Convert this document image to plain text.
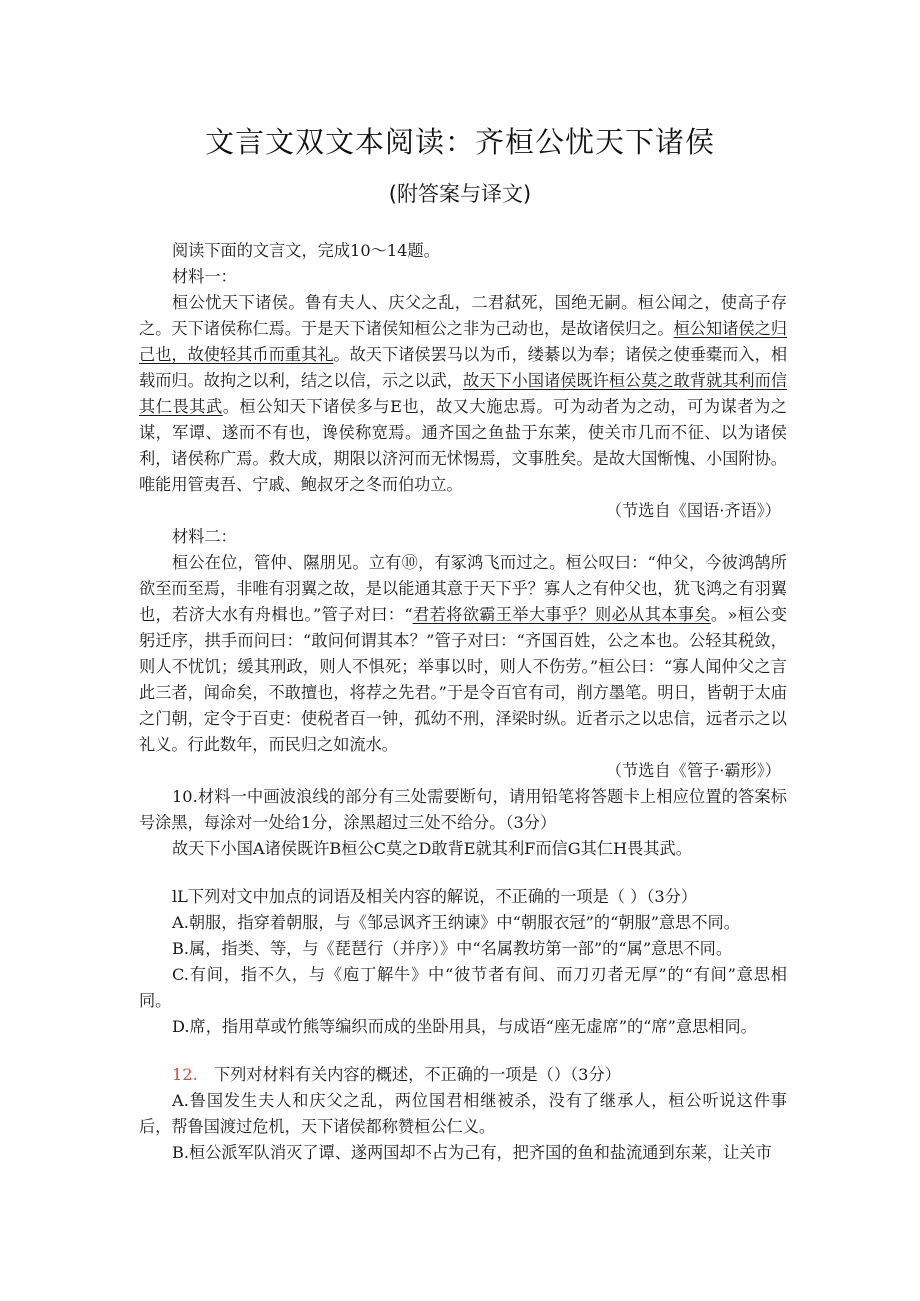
文言文双文本阅读：齐桓公忧天下诸侯
(附答案与译文)

阅读下面的文言文，完成10～14题。

材料一：

桓公忧天下诸侯。鲁有夫人、庆父之乱，二君弑死，国绝无嗣。桓公闻之，使高子存之。天下诸侯称仁焉。于是天下诸侯知桓公之非为己动也，是故诸侯归之。桓公知诸侯之归己也，故使轻其币而重其礼。故天下诸侯罢马以为币，缕綦以为奉；诸侯之使垂橐而入，相载而归。故拘之以利，结之以信，示之以武，故天下小国诸侯既许桓公莫之敢背就其利而信其仁畏其武。桓公知天下诸侯多与E也，故又大施忠焉。可为动者为之动，可为谋者为之谋，军谭、遂而不有也，谗侯称宽焉。通齐国之鱼盐于东莱，使关市几而不征、以为诸侯利，诸侯称广焉。救大成，期限以济河而无怵惕焉，文事胜矣。是故大国惭愧、小国附协。唯能用管夷吾、宁戚、鲍叔牙之冬而伯功立。

（节选自《国语·齐语》）

材料二：

桓公在位，管仲、隰朋见。立有⑩，有冢鸿飞而过之。桓公叹曰：“仲父，今彼鸿鹄所欲至而至焉，非唯有羽翼之故，是以能通其意于天下乎？寡人之有仲父也，犹飞鸿之有羽翼也，若济大水有舟楫也。”管子对曰：“君若将欲霸王举大事乎？则必从其本事矣。»桓公变躬迁序，拱手而问曰：“敢问何谓其本？”管子对曰：“齐国百姓，公之本也。公轻其税敛，则人不忧饥；缓其刑政，则人不惧死；举事以时，则人不伤劳。”桓公曰：“寡人闻仲父之言此三者，闻命矣，不敢擅也，将荐之先君。”于是令百官有司，削方墨笔。明日，皆朝于太庙之门朝，定令于百吏：使税者百一钟，孤幼不刑，泽梁时纵。近者示之以忠信，远者示之以礼义。行此数年，而民归之如流水。

（节选自《管子·霸形》）

10.材料一中画波浪线的部分有三处需要断句，请用铅笔将答题卡上相应位置的答案标号涂黑，每涂对一处给1分，涂黑超过三处不给分。（3分）

故天下小国A诸侯既许B桓公C莫之D敢背E就其利F而信G其仁H畏其武。

lL下列对文中加点的词语及相关内容的解说，不正确的一项是（ ）（3分）

A.朝服，指穿着朝服，与《邹忌讽齐王纳谏》中“朝服衣冠”的“朝服”意思不同。

B.属，指类、等，与《琵琶行（并序）》中“名属教坊第一部”的“属”意思不同。

C.有间，指不久，与《庖丁解牛》中“彼节者有间、而刀刃者无厚”的“有间”意思相同。

D.席，指用草或竹熊等编织而成的坐卧用具，与成语“座无虚席”的“席”意思相同。

12.　 下列对材料有关内容的概述，不正确的一项是（）（3分）

A.鲁国发生夫人和庆父之乱，两位国君相继被杀，没有了继承人，桓公听说这件事后，帮鲁国渡过危机，天下诸侯都称赞桓公仁义。

B.桓公派军队消灭了谭、遂两国却不占为己有，把齐国的鱼和盐流通到东莱，让关市
